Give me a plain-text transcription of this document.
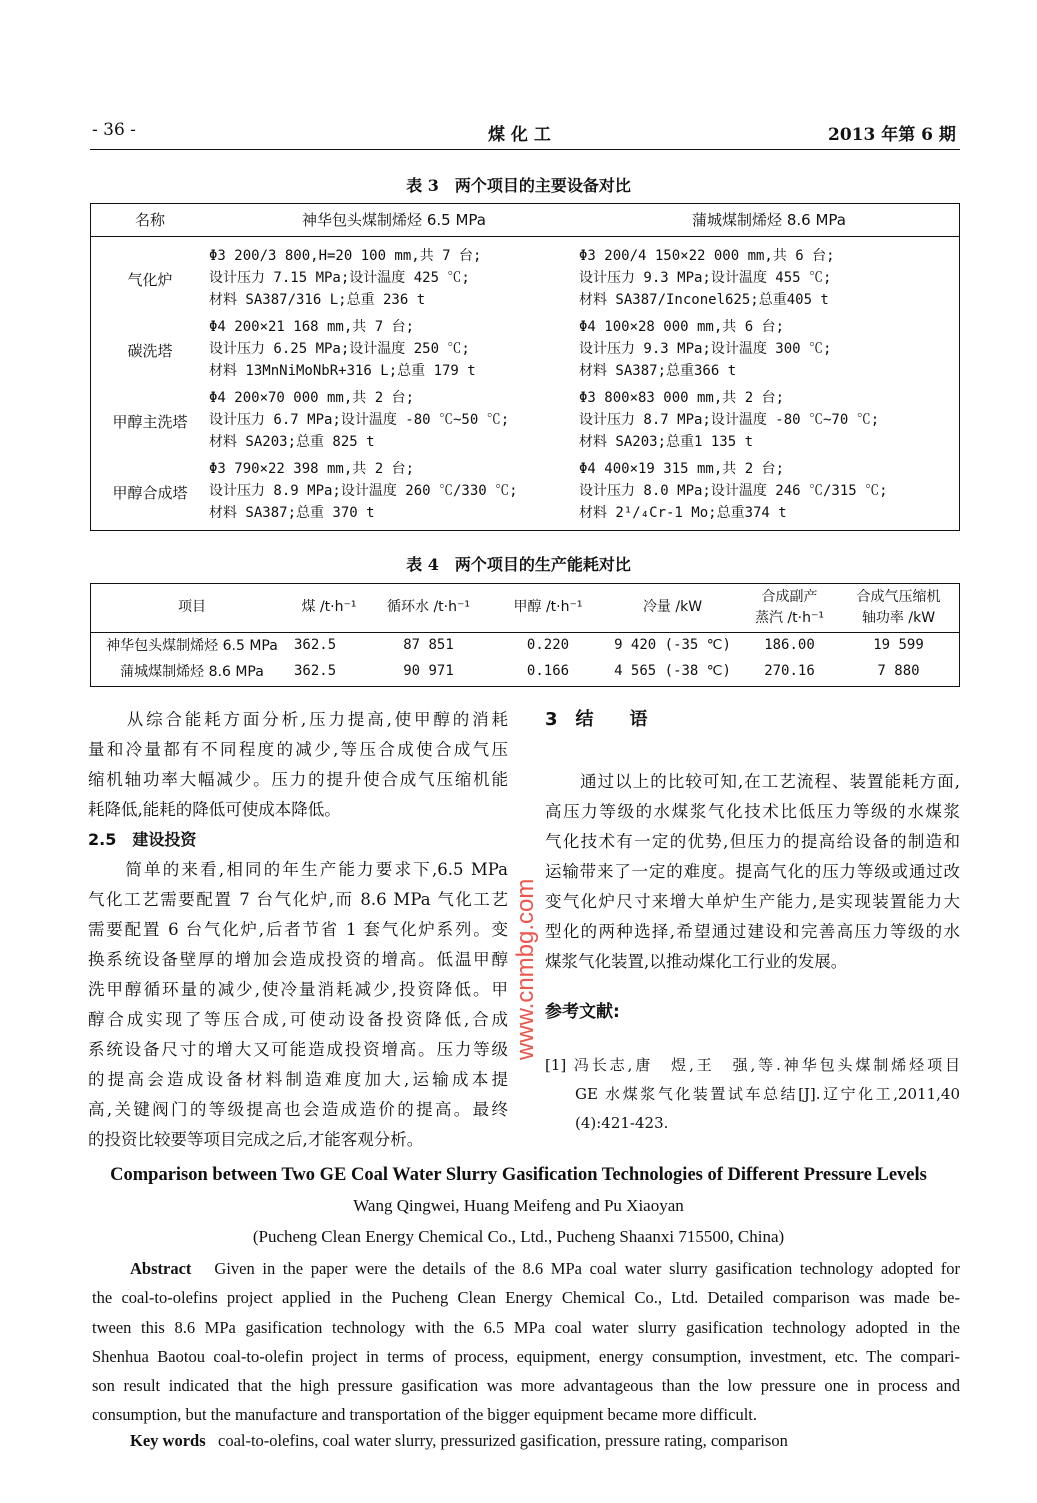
- 36 -	煤 化 工	2013 年第 6 期
表 3　两个项目的主要设备对比
名称	神华包头煤制烯烃 6.5 MPa	蒲城煤制烯烃 8.6 MPa
气化炉	Φ3 200/3 800,H=20 100 mm,共 7 台;
设计压力 7.15 MPa;设计温度 425 ℃;
材料 SA387/316 L;总重 236 t	Φ3 200/4 150×22 000 mm,共 6 台;
设计压力 9.3 MPa;设计温度 455 ℃;
材料 SA387/Inconel625;总重405 t

碳洗塔	Φ4 200×21 168 mm,共 7 台;
设计压力 6.25 MPa;设计温度 250 ℃;
材料 13MnNiMoNbR+316 L;总重 179 t	Φ4 100×28 000 mm,共 6 台;
设计压力 9.3 MPa;设计温度 300 ℃;
材料 SA387;总重366 t

甲醇主洗塔	Φ4 200×70 000 mm,共 2 台;
设计压力 6.7 MPa;设计温度 -80 ℃~50 ℃;
材料 SA203;总重 825 t	Φ3 800×83 000 mm,共 2 台;
设计压力 8.7 MPa;设计温度 -80 ℃~70 ℃;
材料 SA203;总重1 135 t

甲醇合成塔	Φ3 790×22 398 mm,共 2 台;
设计压力 8.9 MPa;设计温度 260 ℃/330 ℃;
材料 SA387;总重 370 t	Φ4 400×19 315 mm,共 2 台;
设计压力 8.0 MPa;设计温度 246 ℃/315 ℃;
材料 2¹/₄Cr-1 Mo;总重374 t
表 4　两个项目的生产能耗对比
项目	煤 /t·h⁻¹	循环水 /t·h⁻¹	甲醇 /t·h⁻¹	冷量 /kW	合成副产
蒸汽 /t·h⁻¹	合成气压缩机
轴功率 /kW

神华包头煤制烯烃 6.5 MPa	362.5	87 851	0.220	9 420 (-35 ℃)	186.00	19 599
蒲城煤制烯烃 8.6 MPa	362.5	90 971	0.166	4 565 (-38 ℃)	270.16	7 880
　　从综合能耗方面分析,压力提高,使甲醇的消耗
量和冷量都有不同程度的减少,等压合成使合成气压
缩机轴功率大幅减少。压力的提升使合成气压缩机能
耗降低,能耗的降低可使成本降低。
2.5　建设投资
　　简单的来看,相同的年生产能力要求下,6.5 MPa
气化工艺需要配置 7 台气化炉,而 8.6 MPa 气化工艺
需要配置 6 台气化炉,后者节省 1 套气化炉系列。变
换系统设备壁厚的增加会造成投资的增高。低温甲醇
洗甲醇循环量的减少,使冷量消耗减少,投资降低。甲
醇合成实现了等压合成,可使动设备投资降低,合成
系统设备尺寸的增大又可能造成投资增高。压力等级
的提高会造成设备材料制造难度加大,运输成本提
高,关键阀门的等级提高也会造成造价的提高。最终
的投资比较要等项目完成之后,才能客观分析。
3　结　　语
　　通过以上的比较可知,在工艺流程、装置能耗方面,
高压力等级的水煤浆气化技术比低压力等级的水煤浆
气化技术有一定的优势,但压力的提高给设备的制造和
运输带来了一定的难度。提高气化的压力等级或通过改
变气化炉尺寸来增大单炉生产能力,是实现装置能力大
型化的两种选择,希望通过建设和完善高压力等级的水
煤浆气化装置,以推动煤化工行业的发展。
参考文献:
[1] 冯长志,唐　煜,王　强,等.神华包头煤制烯烃项目
GE 水煤浆气化装置试车总结[J].辽宁化工,2011,40
(4):421-423.
www.cnmbg.com
Comparison between Two GE Coal Water Slurry Gasification Technologies of Different Pressure Levels
Wang Qingwei, Huang Meifeng and Pu Xiaoyan
(Pucheng Clean Energy Chemical Co., Ltd., Pucheng Shaanxi 715500, China)
Abstract Given in the paper were the details of the 8.6 MPa coal water slurry gasification technology adopted for
the coal-to-olefins project applied in the Pucheng Clean Energy Chemical Co., Ltd. Detailed comparison was made be-
tween this 8.6 MPa gasification technology with the 6.5 MPa coal water slurry gasification technology adopted in the
Shenhua Baotou coal-to-olefin project in terms of process, equipment, energy consumption, investment, etc. The compari-
son result indicated that the high pressure gasification was more advantageous than the low pressure one in process and
consumption, but the manufacture and transportation of the bigger equipment became more difficult.
Key words coal-to-olefins, coal water slurry, pressurized gasification, pressure rating, comparison
